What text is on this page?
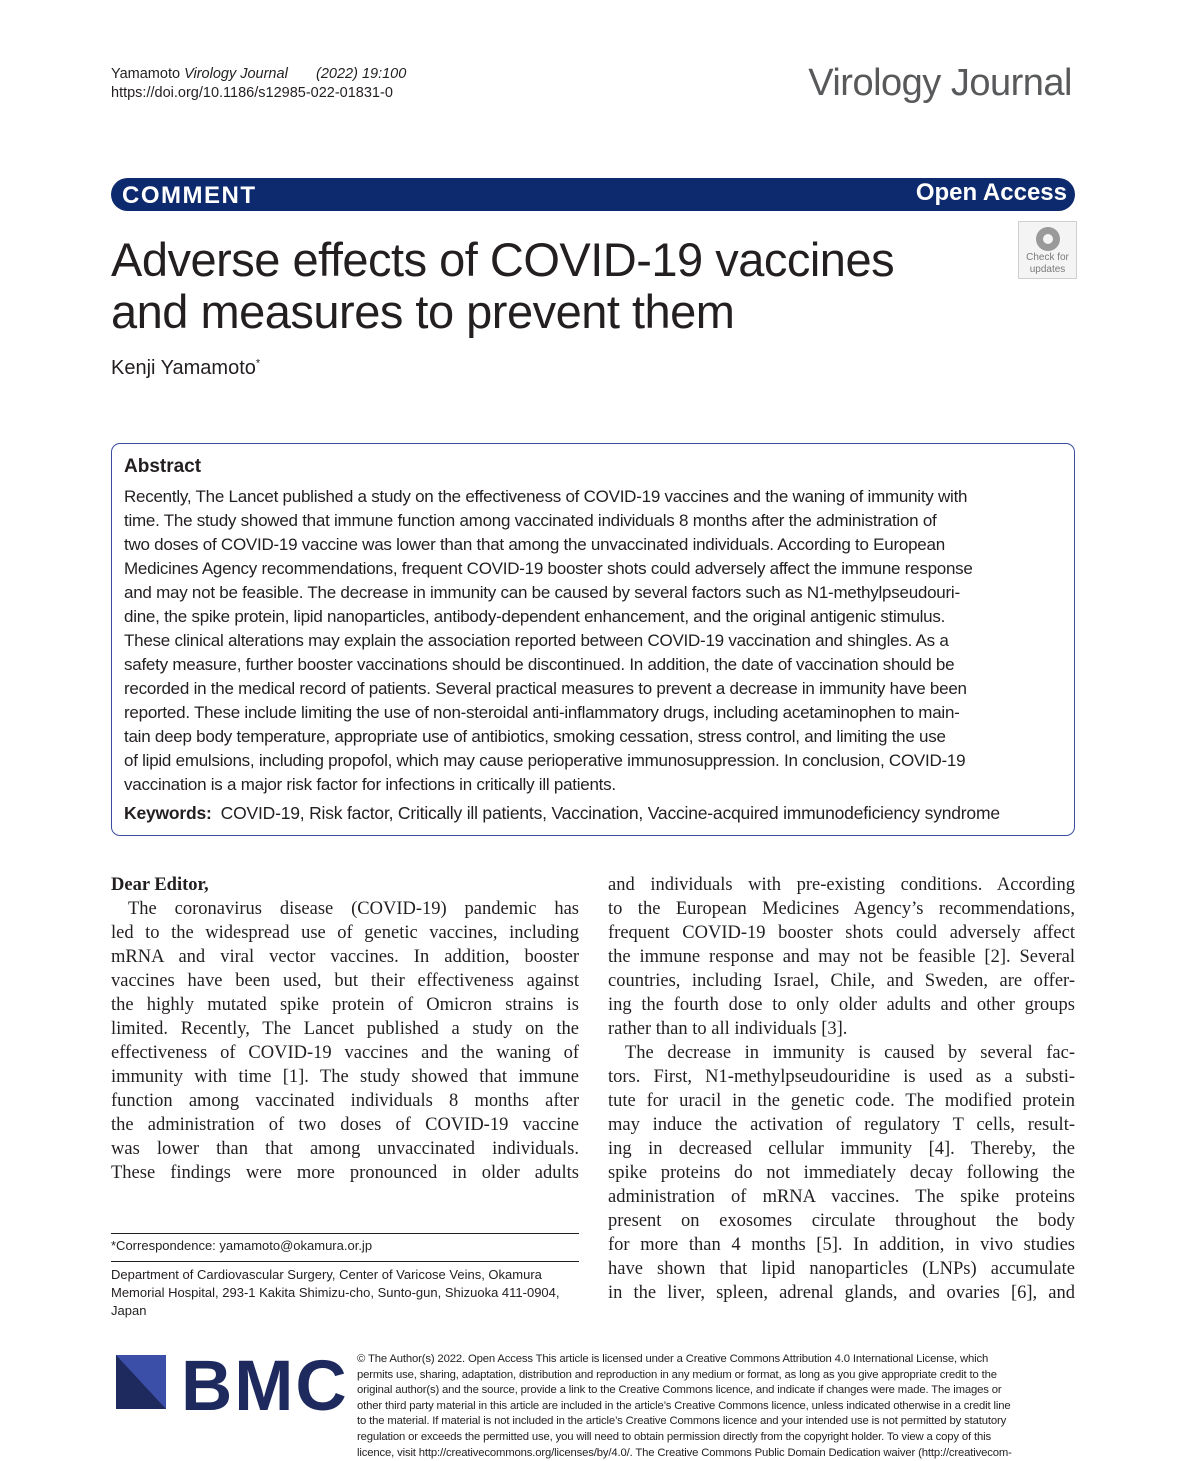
Yamamoto Virology Journal (2022) 19:100
https://doi.org/10.1186/s12985-022-01831-0	Virology Journal
COMMENT	Open Access
Adverse effects of COVID-19 vaccines
and measures to prevent them
Check for
updates
Kenji Yamamoto*
Abstract
Recently, The Lancet published a study on the effectiveness of COVID-19 vaccines and the waning of immunity with
time. The study showed that immune function among vaccinated individuals 8 months after the administration of
two doses of COVID-19 vaccine was lower than that among the unvaccinated individuals. According to European
Medicines Agency recommendations, frequent COVID-19 booster shots could adversely affect the immune response
and may not be feasible. The decrease in immunity can be caused by several factors such as N1-methylpseudouri-
dine, the spike protein, lipid nanoparticles, antibody-dependent enhancement, and the original antigenic stimulus.
These clinical alterations may explain the association reported between COVID-19 vaccination and shingles. As a
safety measure, further booster vaccinations should be discontinued. In addition, the date of vaccination should be
recorded in the medical record of patients. Several practical measures to prevent a decrease in immunity have been
reported. These include limiting the use of non-steroidal anti-inflammatory drugs, including acetaminophen to main-
tain deep body temperature, appropriate use of antibiotics, smoking cessation, stress control, and limiting the use
of lipid emulsions, including propofol, which may cause perioperative immunosuppression. In conclusion, COVID-19
vaccination is a major risk factor for infections in critically ill patients.
Keywords: COVID-19, Risk factor, Critically ill patients, Vaccination, Vaccine-acquired immunodeficiency syndrome
Dear Editor,
The coronavirus disease (COVID-19) pandemic has
led to the widespread use of genetic vaccines, including
mRNA and viral vector vaccines. In addition, booster
vaccines have been used, but their effectiveness against
the highly mutated spike protein of Omicron strains is
limited. Recently, The Lancet published a study on the
effectiveness of COVID-19 vaccines and the waning of
immunity with time [1]. The study showed that immune
function among vaccinated individuals 8 months after
the administration of two doses of COVID-19 vaccine
was lower than that among unvaccinated individuals.
These findings were more pronounced in older adults
and individuals with pre-existing conditions. According
to the European Medicines Agency’s recommendations,
frequent COVID-19 booster shots could adversely affect
the immune response and may not be feasible [2]. Several
countries, including Israel, Chile, and Sweden, are offer-
ing the fourth dose to only older adults and other groups
rather than to all individuals [3].
The decrease in immunity is caused by several fac-
tors. First, N1-methylpseudouridine is used as a substi-
tute for uracil in the genetic code. The modified protein
may induce the activation of regulatory T cells, result-
ing in decreased cellular immunity [4]. Thereby, the
spike proteins do not immediately decay following the
administration of mRNA vaccines. The spike proteins
present on exosomes circulate throughout the body
for more than 4 months [5]. In addition, in vivo studies
have shown that lipid nanoparticles (LNPs) accumulate
in the liver, spleen, adrenal glands, and ovaries [6], and
*Correspondence: yamamoto@okamura.or.jp
Department of Cardiovascular Surgery, Center of Varicose Veins, Okamura Memorial Hospital, 293-1 Kakita Shimizu-cho, Sunto-gun, Shizuoka 411-0904, Japan
BMC © The Author(s) 2022. Open Access This article is licensed under a Creative Commons Attribution 4.0 International License, which
permits use, sharing, adaptation, distribution and reproduction in any medium or format, as long as you give appropriate credit to the
original author(s) and the source, provide a link to the Creative Commons licence, and indicate if changes were made. The images or
other third party material in this article are included in the article’s Creative Commons licence, unless indicated otherwise in a credit line
to the material. If material is not included in the article’s Creative Commons licence and your intended use is not permitted by statutory
regulation or exceeds the permitted use, you will need to obtain permission directly from the copyright holder. To view a copy of this
licence, visit http://creativecommons.org/licenses/by/4.0/. The Creative Commons Public Domain Dedication waiver (http://creativecom-
